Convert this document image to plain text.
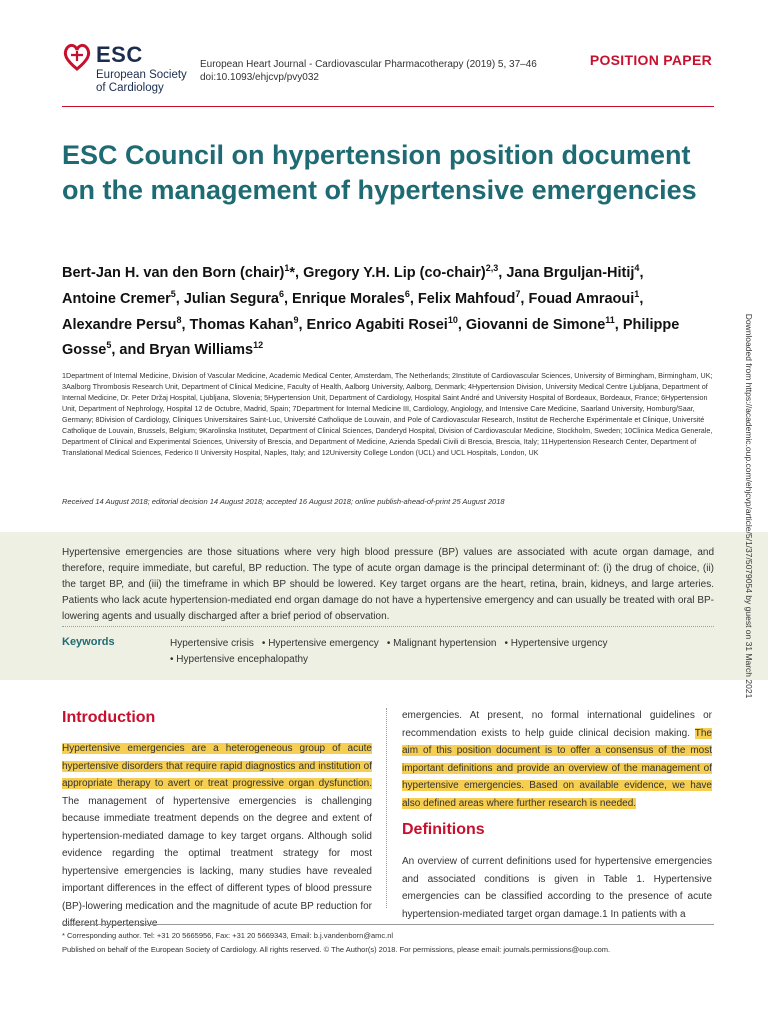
ESC
European Society
of Cardiology
European Heart Journal - Cardiovascular Pharmacotherapy (2019) 5, 37–46
doi:10.1093/ehjcvp/pvy032
POSITION PAPER
ESC Council on hypertension position document on the management of hypertensive emergencies
Bert-Jan H. van den Born (chair)$^1$*, Gregory Y.H. Lip (co-chair)$^{2,3}$, Jana Brguljan-Hitij$^4$, Antoine Cremer$^5$, Julian Segura$^6$, Enrique Morales$^6$, Felix Mahfoud$^7$, Fouad Amraoui$^1$, Alexandre Persu$^8$, Thomas Kahan$^9$, Enrico Agabiti Rosei$^{10}$, Giovanni de Simone$^{11}$, Philippe Gosse$^5$, and Bryan Williams$^{12}$
1Department of Internal Medicine, Division of Vascular Medicine, Academic Medical Center, Amsterdam, The Netherlands; 2Institute of Cardiovascular Sciences, University of Birmingham, Birmingham, UK; 3Aalborg Thrombosis Research Unit, Department of Clinical Medicine, Faculty of Health, Aalborg University, Aalborg, Denmark; 4Hypertension Division, University Medical Centre Ljubljana, Department of Internal Medicine, Dr. Peter Držaj Hospital, Ljubljana, Slovenia; 5Hypertension Unit, Department of Cardiology, Hospital Saint André and University Hospital of Bordeaux, Bordeaux, France; 6Hypertension Unit, Department of Nephrology, Hospital 12 de Octubre, Madrid, Spain; 7Department for Internal Medicine III, Cardiology, Angiology, and Intensive Care Medicine, Saarland University, Homburg/Saar, Germany; 8Division of Cardiology, Cliniques Universitaires Saint-Luc, Université Catholique de Louvain, and Pole of Cardiovascular Research, Institut de Recherche Expérimentale et Clinique, Université Catholique de Louvain, Brussels, Belgium; 9Karolinska Institutet, Department of Clinical Sciences, Danderyd Hospital, Division of Cardiovascular Medicine, Stockholm, Sweden; 10Clinica Medica Generale, Department of Clinical and Experimental Sciences, University of Brescia, and Department of Medicine, Azienda Spedali Civili di Brescia, Brescia, Italy; 11Hypertension Research Center, Department of Translational Medical Sciences, Federico II University Hospital, Naples, Italy; and 12University College London (UCL) and UCL Hospitals, London, UK
Received 14 August 2018; editorial decision 14 August 2018; accepted 16 August 2018; online publish-ahead-of-print 25 August 2018
Hypertensive emergencies are those situations where very high blood pressure (BP) values are associated with acute organ damage, and therefore, require immediate, but careful, BP reduction. The type of acute organ damage is the principal determinant of: (i) the drug of choice, (ii) the target BP, and (iii) the timeframe in which BP should be lowered. Key target organs are the heart, retina, brain, kidneys, and large arteries. Patients who lack acute hypertension-mediated end organ damage do not have a hypertensive emergency and can usually be treated with oral BP-lowering agents and usually discharged after a brief period of observation.
Keywords	Hypertensive crisis • Hypertensive emergency • Malignant hypertension • Hypertensive urgency• Hypertensive encephalopathy
Introduction
Hypertensive emergencies are a heterogeneous group of acute hypertensive disorders that require rapid diagnostics and institution of appropriate therapy to avert or treat progressive organ dysfunction. The management of hypertensive emergencies is challenging because immediate treatment depends on the degree and extent of hypertension-mediated damage to key target organs. Although solid evidence regarding the optimal treatment strategy for most hypertensive emergencies is lacking, many studies have revealed important differences in the effect of different types of blood pressure (BP)-lowering medication and the magnitude of acute BP reduction for different hypertensive
emergencies. At present, no formal international guidelines or recommendation exists to help guide clinical decision making. The aim of this position document is to offer a consensus of the most important definitions and provide an overview of the management of hypertensive emergencies. Based on available evidence, we have also defined areas where further research is needed.
Definitions
An overview of current definitions used for hypertensive emergencies and associated conditions is given in Table 1. Hypertensive emergencies can be classified according to the presence of acute hypertension-mediated target organ damage.1 In patients with a
* Corresponding author. Tel: +31 20 5665956, Fax: +31 20 5669343, Email: b.j.vandenborn@amc.nl
Published on behalf of the European Society of Cardiology. All rights reserved. © The Author(s) 2018. For permissions, please email: journals.permissions@oup.com.
Downloaded from https://academic.oup.com/ehjcvp/article/5/1/37/5079054 by guest on 31 March 2021
